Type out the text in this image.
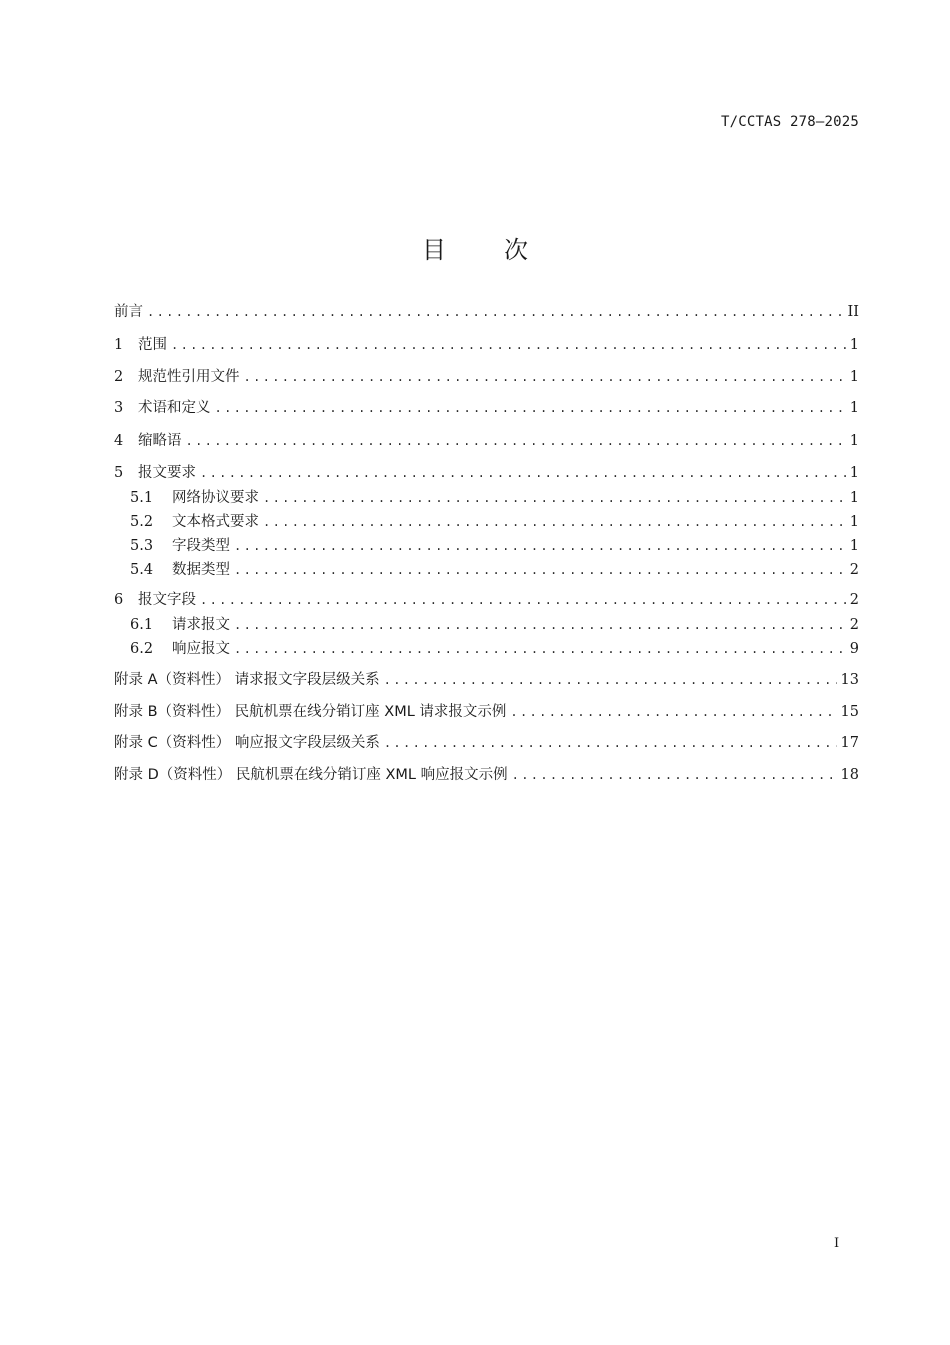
T/CCTAS 278—2025
目次
前言 .....	II
1	范围 .....	1
2	规范性引用文件 .....	1
3	术语和定义 .....	1
4	缩略语 .....	1
5	报文要求 .....	1
5.1	网络协议要求 .....	1
5.2	文本格式要求 .....	1
5.3	字段类型 .....	1
5.4	数据类型 .....	2
6	报文字段 .....	2
6.1	请求报文 .....	2
6.2	响应报文 .....	9
附录 A（资料性） 请求报文字段层级关系 .....	13
附录 B（资料性） 民航机票在线分销订座 XML 请求报文示例 .....	15
附录 C（资料性） 响应报文字段层级关系 .....	17
附录 D（资料性） 民航机票在线分销订座 XML 响应报文示例 .....	18
I
